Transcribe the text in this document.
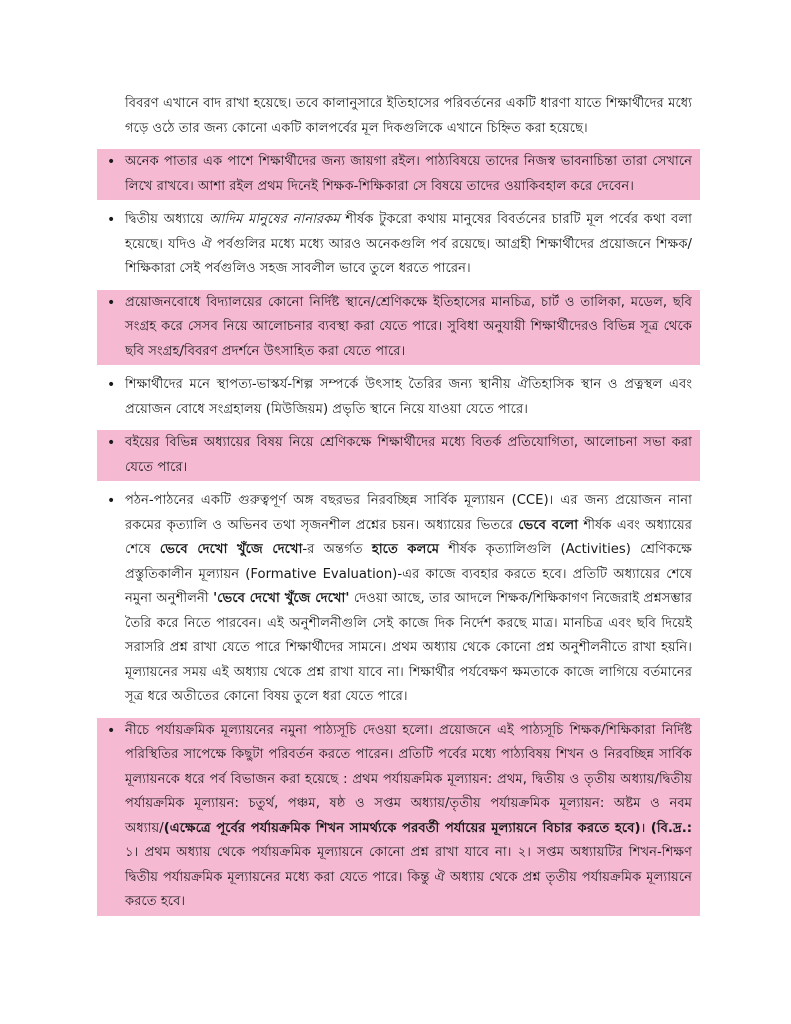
বিবরণ এখানে বাদ রাখা হয়েছে। তবে কালানুসারে ইতিহাসের পরিবর্তনের একটি ধারণা যাতে শিক্ষার্থীদের মধ্যে গড়ে ওঠে তার জন্য কোনো একটি কালপর্বের মূল দিকগুলিকে এখানে চিহ্নিত করা হয়েছে।
• অনেক পাতার এক পাশে শিক্ষার্থীদের জন্য জায়গা রইল। পাঠ্যবিষয়ে তাদের নিজস্ব ভাবনাচিন্তা তারা সেখানে লিখে রাখবে। আশা রইল প্রথম দিনেই শিক্ষক-শিক্ষিকারা সে বিষয়ে তাদের ওয়াকিবহাল করে দেবেন।
• দ্বিতীয় অধ্যায়ে আদিম মানুষের নানারকম শীর্ষক টুকরো কথায় মানুষের বিবর্তনের চারটি মূল পর্বের কথা বলা হয়েছে। যদিও ঐ পর্বগুলির মধ্যে মধ্যে আরও অনেকগুলি পর্ব রয়েছে। আগ্রহী শিক্ষার্থীদের প্রয়োজনে শিক্ষক/শিক্ষিকারা সেই পর্বগুলিও সহজ সাবলীল ভাবে তুলে ধরতে পারেন।
• প্রয়োজনবোধে বিদ্যালয়ের কোনো নির্দিষ্ট স্থানে/শ্রেণিকক্ষে ইতিহাসের মানচিত্র, চার্ট ও তালিকা, মডেল, ছবি সংগ্রহ করে সেসব নিয়ে আলোচনার ব্যবস্থা করা যেতে পারে। সুবিধা অনুযায়ী শিক্ষার্থীদেরও বিভিন্ন সূত্র থেকে ছবি সংগ্রহ/বিবরণ প্রদর্শনে উৎসাহিত করা যেতে পারে।
• শিক্ষার্থীদের মনে স্থাপত্য-ভাস্কর্য-শিল্প সম্পর্কে উৎসাহ তৈরির জন্য স্থানীয় ঐতিহাসিক স্থান ও প্রত্নস্থল এবং প্রয়োজন বোধে সংগ্রহালয় (মিউজিয়ম) প্রভৃতি স্থানে নিয়ে যাওয়া যেতে পারে।
• বইয়ের বিভিন্ন অধ্যায়ের বিষয় নিয়ে শ্রেণিকক্ষে শিক্ষার্থীদের মধ্যে বিতর্ক প্রতিযোগিতা, আলোচনা সভা করা যেতে পারে।
• পঠন-পাঠনের একটি গুরুত্বপূর্ণ অঙ্গ বছরভর নিরবচ্ছিন্ন সার্বিক মূল্যায়ন (CCE)। এর জন্য প্রয়োজন নানা রকমের কৃত্যালি ও অভিনব তথা সৃজনশীল প্রশ্নের চয়ন। অধ্যায়ের ভিতরে ভেবে বলো শীর্ষক এবং অধ্যায়ের শেষে ভেবে দেখো খুঁজে দেখো-র অন্তর্গত হাতে কলমে শীর্ষক কৃত্যালিগুলি (Activities) শ্রেণিকক্ষে প্রস্তুতিকালীন মূল্যায়ন (Formative Evaluation)-এর কাজে ব্যবহার করতে হবে। প্রতিটি অধ্যায়ের শেষে নমুনা অনুশীলনী 'ভেবে দেখো খুঁজে দেখো' দেওয়া আছে, তার আদলে শিক্ষক/শিক্ষিকাগণ নিজেরাই প্রশ্নসম্ভার তৈরি করে নিতে পারবেন। এই অনুশীলনীগুলি সেই কাজে দিক নির্দেশ করছে মাত্র। মানচিত্র এবং ছবি দিয়েই সরাসরি প্রশ্ন রাখা যেতে পারে শিক্ষার্থীদের সামনে। প্রথম অধ্যায় থেকে কোনো প্রশ্ন অনুশীলনীতে রাখা হয়নি। মূল্যায়নের সময় এই অধ্যায় থেকে প্রশ্ন রাখা যাবে না। শিক্ষার্থীর পর্যবেক্ষণ ক্ষমতাকে কাজে লাগিয়ে বর্তমানের সূত্র ধরে অতীতের কোনো বিষয় তুলে ধরা যেতে পারে।
• নীচে পর্যায়ক্রমিক মূল্যায়নের নমুনা পাঠ্যসূচি দেওয়া হলো। প্রয়োজনে এই পাঠ্যসূচি শিক্ষক/শিক্ষিকারা নির্দিষ্ট পরিস্থিতির সাপেক্ষে কিছুটা পরিবর্তন করতে পারেন। প্রতিটি পর্বের মধ্যে পাঠ্যবিষয় শিখন ও নিরবচ্ছিন্ন সার্বিক মূল্যায়নকে ধরে পর্ব বিভাজন করা হয়েছে : প্রথম পর্যায়ক্রমিক মূল্যায়ন: প্রথম, দ্বিতীয় ও তৃতীয় অধ্যায়/দ্বিতীয় পর্যায়ক্রমিক মূল্যায়ন: চতুর্থ, পঞ্চম, ষষ্ঠ ও সপ্তম অধ্যায়/তৃতীয় পর্যায়ক্রমিক মূল্যায়ন: অষ্টম ও নবম অধ্যায়/(এক্ষেত্রে পূর্বের পর্যায়ক্রমিক শিখন সামর্থ্যকে পরবর্তী পর্যায়ের মূল্যায়নে বিচার করতে হবে)। (বি.দ্র.: ১। প্রথম অধ্যায় থেকে পর্যায়ক্রমিক মূল্যায়নে কোনো প্রশ্ন রাখা যাবে না। ২। সপ্তম অধ্যায়টির শিখন-শিক্ষণ দ্বিতীয় পর্যায়ক্রমিক মূল্যায়নের মধ্যে করা যেতে পারে। কিন্তু ঐ অধ্যায় থেকে প্রশ্ন তৃতীয় পর্যায়ক্রমিক মূল্যায়নে করতে হবে।
